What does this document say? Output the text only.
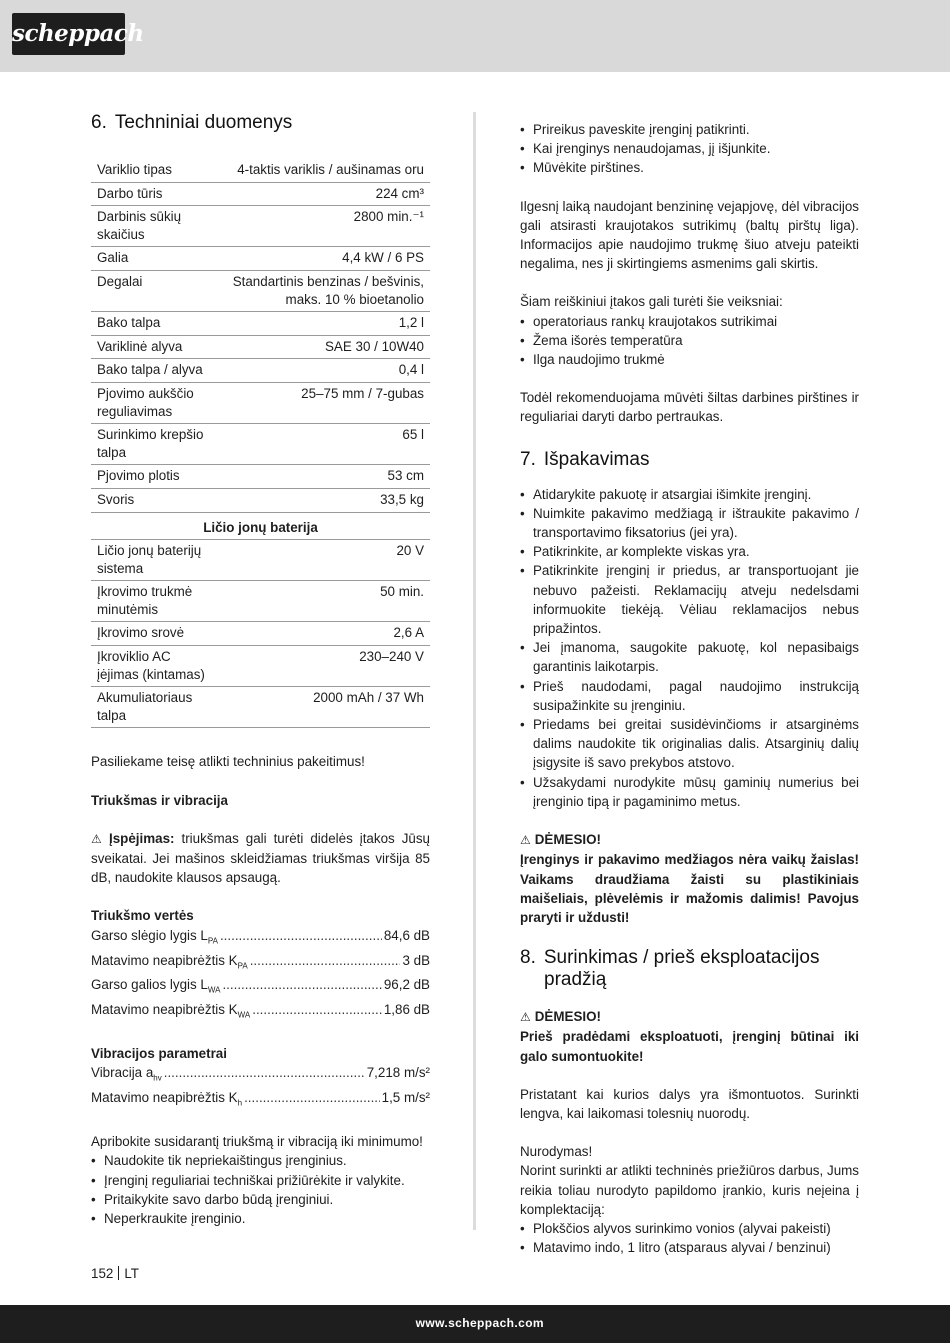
scheppach
6. Techniniai duomenys
Variklio tipas	4-taktis variklis / aušinamas oru
Darbo tūris	224 cm³
Darbinis sūkių skaičius	2800 min.⁻¹
Galia	4,4 kW / 6 PS
Degalai	Standartinis benzinas / bešvinis, maks. 10 % bioetanolio
Bako talpa	1,2 l
Variklinė alyva	SAE 30 / 10W40
Bako talpa / alyva	0,4 l
Pjovimo aukščio reguliavimas	25–75 mm / 7-gubas
Surinkimo krepšio talpa	65 l
Pjovimo plotis	53 cm
Svoris	33,5 kg
Ličio jonų baterija	
Ličio jonų baterijų sistema	20 V
Įkrovimo trukmė minutėmis	50 min.
Įkrovimo srovė	2,6 A
Įkroviklio AC įėjimas (kintamas)	230–240 V
Akumuliatoriaus talpa	2000 mAh / 37 Wh

Pasiliekame teisę atlikti techninius pakeitimus!

Triukšmas ir vibracija

⚠ Įspėjimas: triukšmas gali turėti didelės įtakos Jūsų sveikatai. Jei mašinos skleidžiamas triukšmas viršija 85 dB, naudokite klausos apsaugą.

Triukšmo vertės

Garso slėgio lygis $L_{PA}$ .....	84,6 dB
Matavimo neapibrėžtis $K_{PA}$ .....	3 dB
Garso galios lygis $L_{WA}$ .....	96,2 dB
Matavimo neapibrėžtis $K_{WA}$ .....	1,86 dB

Vibracijos parametrai

Vibracija $a_{hv}$ .....	7,218 m/s²
Matavimo neapibrėžtis $K_h$ .....	1,5 m/s²

Apribokite susidarantį triukšmą ir vibraciją iki minimumo!

• Naudokite tik nepriekaištingus įrenginius.
• Įrenginį reguliariai techniškai prižiūrėkite ir valykite.
• Pritaikykite savo darbo būdą įrenginiui.
• Neperkraukite įrenginio.
• Prireikus paveskite įrenginį patikrinti.
• Kai įrenginys nenaudojamas, jį išjunkite.
• Mūvėkite pirštines.

Ilgesnį laiką naudojant benzininę vejapjovę, dėl vibracijos gali atsirasti kraujotakos sutrikimų (baltų pirštų liga). Informacijos apie naudojimo trukmę šiuo atveju pateikti negalima, nes ji skirtingiems asmenims gali skirtis.

Šiam reiškiniui įtakos gali turėti šie veiksniai:

• operatoriaus rankų kraujotakos sutrikimai
• Žema išorės temperatūra
• Ilga naudojimo trukmė

Todėl rekomenduojama mūvėti šiltas darbines pirštines ir reguliariai daryti darbo pertraukas.

7. Išpakavimas
• Atidarykite pakuotę ir atsargiai išimkite įrenginį.
• Nuimkite pakavimo medžiagą ir ištraukite pakavimo / transportavimo fiksatorius (jei yra).
• Patikrinkite, ar komplekte viskas yra.
• Patikrinkite įrenginį ir priedus, ar transportuojant jie nebuvo pažeisti. Reklamacijų atveju nedelsdami informuokite tiekėją. Vėliau reklamacijos nebus pripažintos.
• Jei įmanoma, saugokite pakuotę, kol nepasibaigs garantinis laikotarpis.
• Prieš naudodami, pagal naudojimo instrukciją susipažinkite su įrenginiu.
• Priedams bei greitai susidėvinčioms ir atsarginėms dalims naudokite tik originalias dalis. Atsarginių dalių įsigysite iš savo prekybos atstovo.
• Užsakydami nurodykite mūsų gaminių numerius bei įrenginio tipą ir pagaminimo metus.

⚠ DĖMESIO!

Įrenginys ir pakavimo medžiagos nėra vaikų žaislas! Vaikams draudžiama žaisti su plastikiniais maišeliais, plėvelėmis ir mažomis dalimis! Pavojus praryti ir uždusti!

8. Surinkimas / prieš eksploatacijos pradžią

⚠ DĖMESIO!

Prieš pradėdami eksploatuoti, įrenginį būtinai iki galo sumontuokite!

Pristatant kai kurios dalys yra išmontuotos. Surinkti lengva, kai laikomasi tolesnių nuorodų.

Nurodymas!

Norint surinkti ar atlikti techninės priežiūros darbus, Jums reikia toliau nurodyto papildomo įrankio, kuris neįeina į komplektaciją:

• Plokščios alyvos surinkimo vonios (alyvai pakeisti)
• Matavimo indo, 1 litro (atsparaus alyvai / benzinui)
152 LT
www.scheppach.com
